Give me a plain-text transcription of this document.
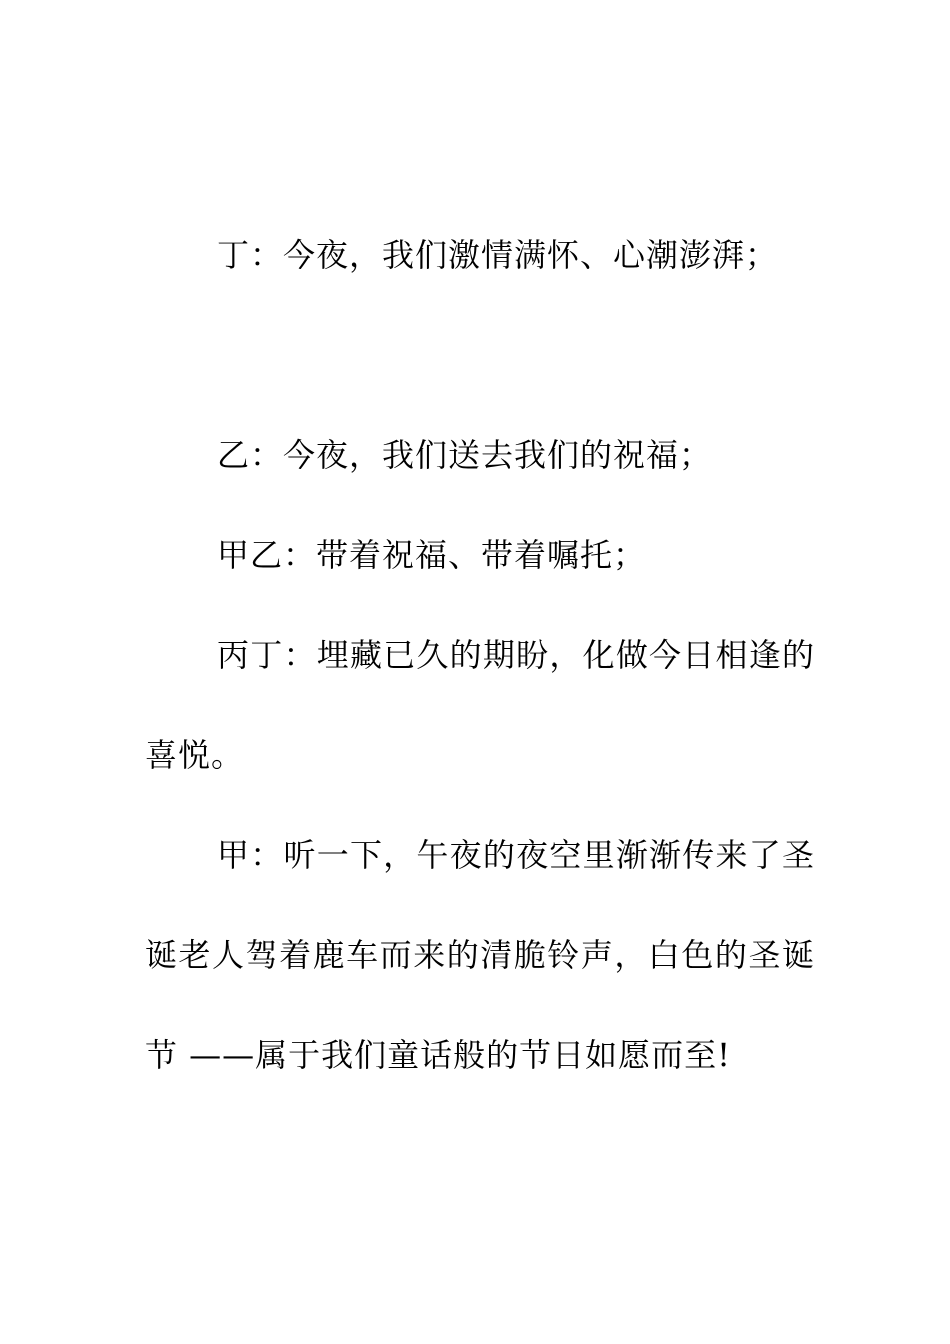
丁：今夜，我们激情满怀、心潮澎湃；

乙：今夜，我们送去我们的祝福；

甲乙：带着祝福、带着嘱托；

丙丁：埋藏已久的期盼，化做今日相逢的喜悦。

甲：听一下，午夜的夜空里渐渐传来了圣诞老人驾着鹿车而来的清脆铃声，白色的圣诞节 ——属于我们童话般的节日如愿而至!
